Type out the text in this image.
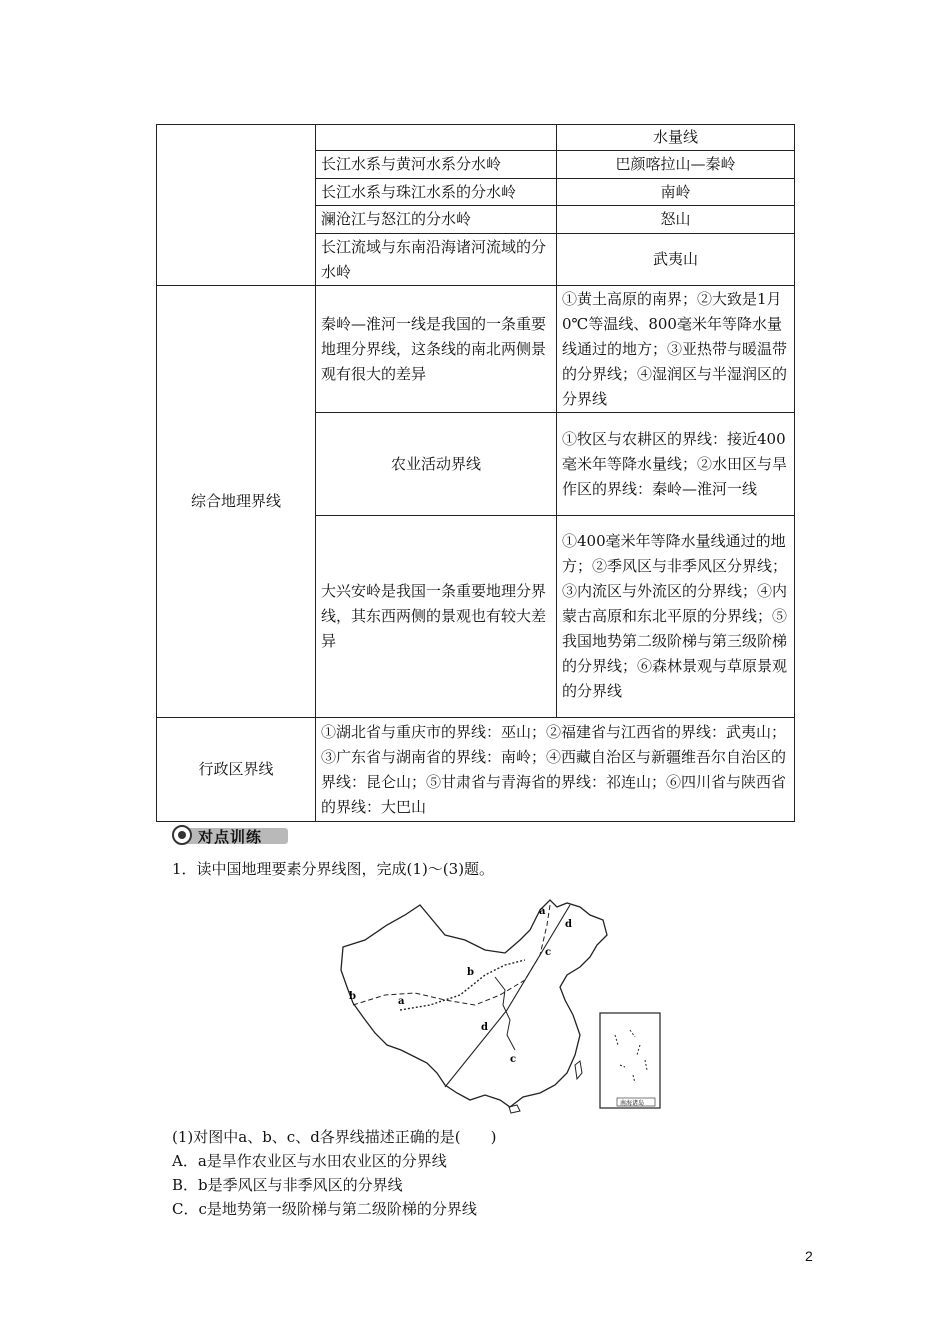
		水量线
	长江水系与黄河水系分水岭	巴颜喀拉山—秦岭
	长江水系与珠江水系的分水岭	南岭
	澜沧江与怒江的分水岭	怒山
	长江流域与东南沿海诸河流域的分水岭	武夷山
综合地理界线	秦岭—淮河一线是我国的一条重要地理分界线，这条线的南北两侧景观有很大的差异	①黄土高原的南界；②大致是1月0℃等温线、800毫米年等降水量线通过的地方；③亚热带与暖温带的分界线；④湿润区与半湿润区的分界线
	农业活动界线	①牧区与农耕区的界线：接近400毫米年等降水量线；②水田区与旱作区的界线：秦岭—淮河一线
	大兴安岭是我国一条重要地理分界线，其东西两侧的景观也有较大差异	①400毫米年等降水量线通过的地方；②季风区与非季风区分界线；③内流区与外流区的分界线；④内蒙古高原和东北平原的分界线；⑤我国地势第二级阶梯与第三级阶梯的分界线；⑥森林景观与草原景观的分界线
行政区界线	①湖北省与重庆市的界线：巫山；②福建省与江西省的界线：武夷山；③广东省与湖南省的界线：南岭；④西藏自治区与新疆维吾尔自治区的界线：昆仑山；⑤甘肃省与青海省的界线：祁连山；⑥四川省与陕西省的界线：大巴山	
对点训练
1．读中国地理要素分界线图，完成(1)～(3)题。
a
d
c
b
b	a
d
c
南海诸岛
(1)对图中a、b、c、d各界线描述正确的是(　　)
A．a是旱作农业区与水田农业区的分界线
B．b是季风区与非季风区的分界线
C．c是地势第一级阶梯与第二级阶梯的分界线
2
